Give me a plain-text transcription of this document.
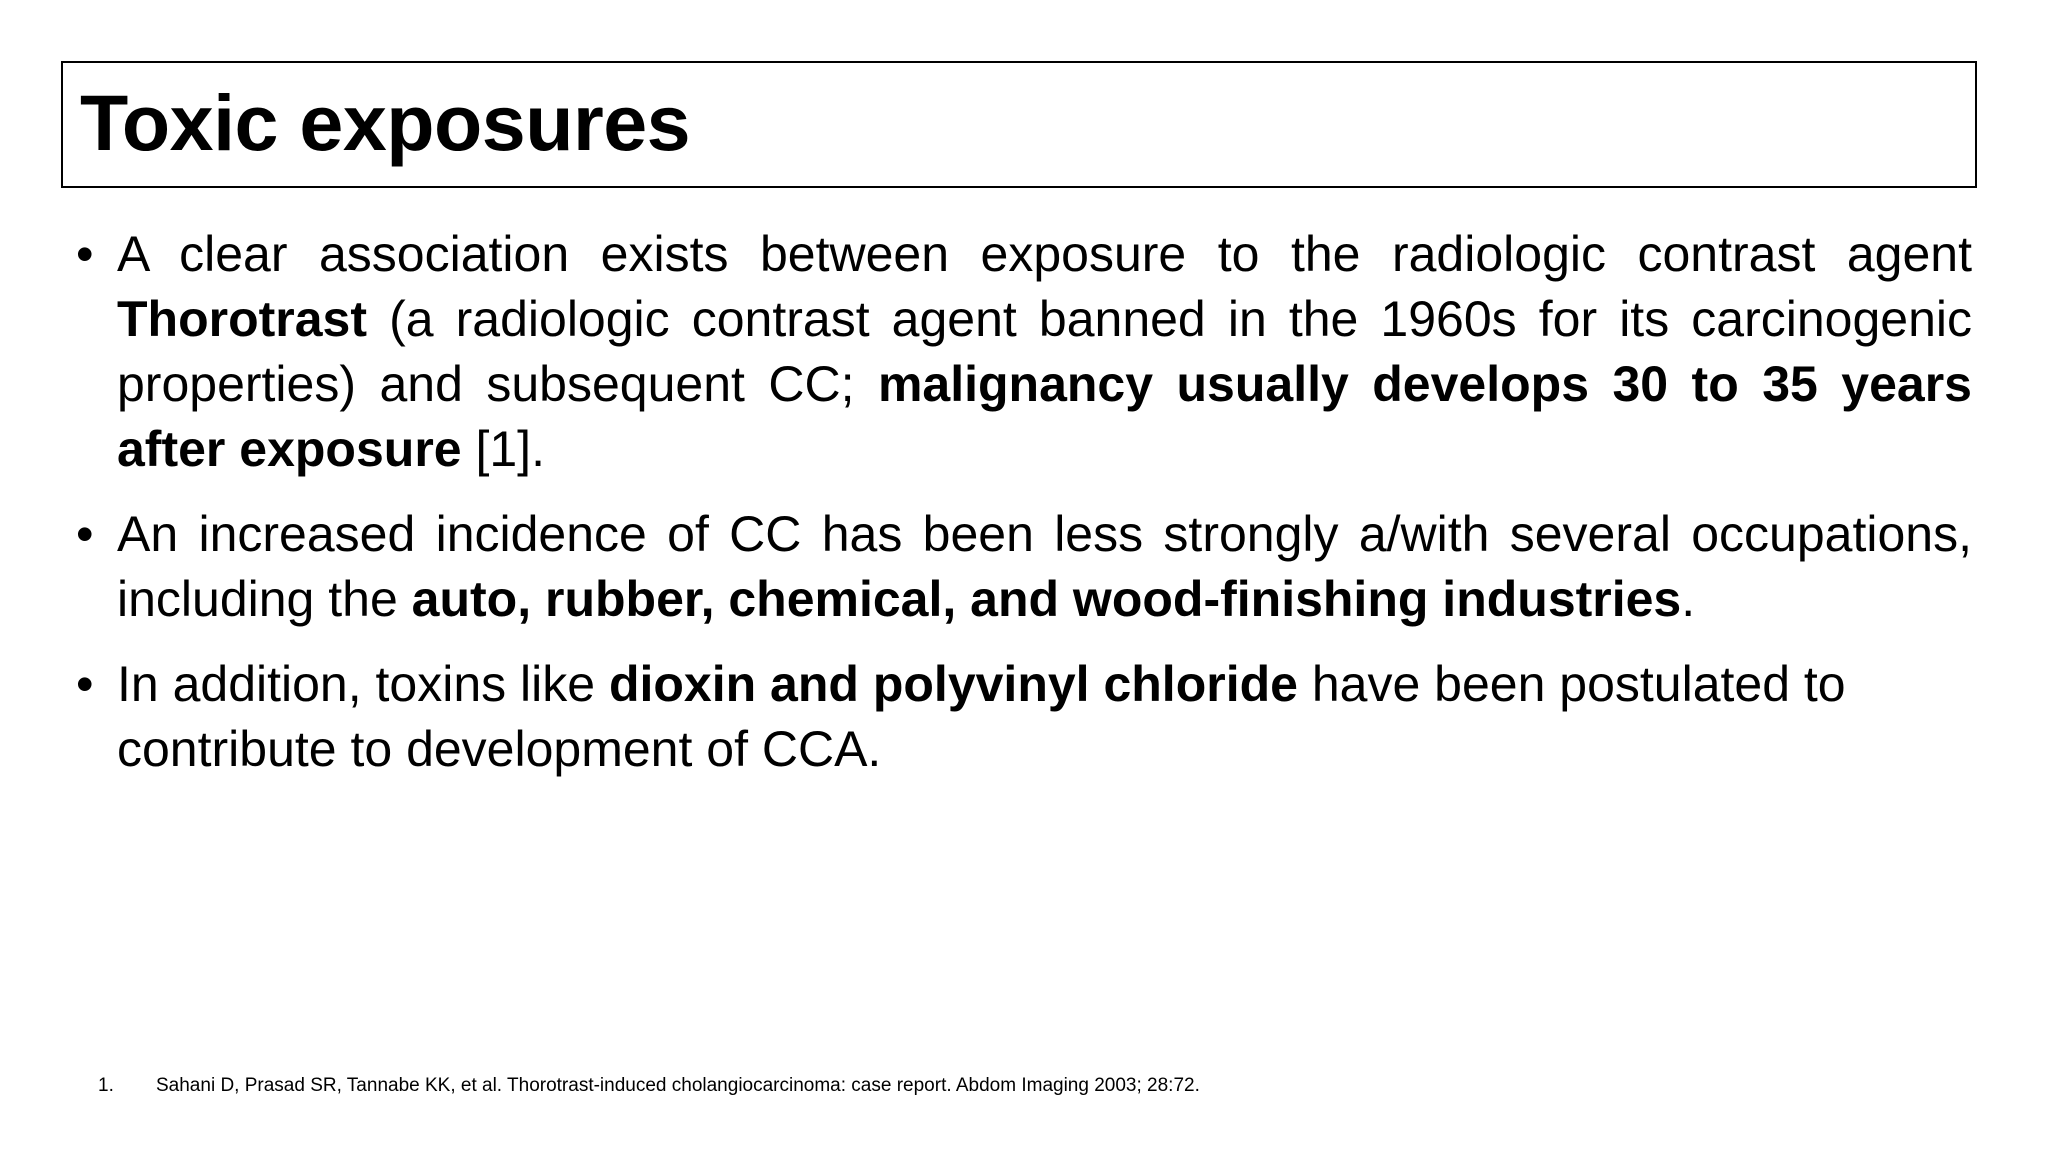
Toxic exposures
• A clear association exists between exposure to the radiologic contrast agent Thorotrast (a radiologic contrast agent banned in the 1960s for its carcinogenic properties) and subsequent CC; malignancy usually develops 30 to 35 years after exposure [1].
• An increased incidence of CC has been less strongly a/with several occupations, including the auto, rubber, chemical, and wood-finishing industries.
• In addition, toxins like dioxin and polyvinyl chloride have been postulated to contribute to development of CCA.
1. Sahani D, Prasad SR, Tannabe KK, et al. Thorotrast-induced cholangiocarcinoma: case report. Abdom Imaging 2003; 28:72.
